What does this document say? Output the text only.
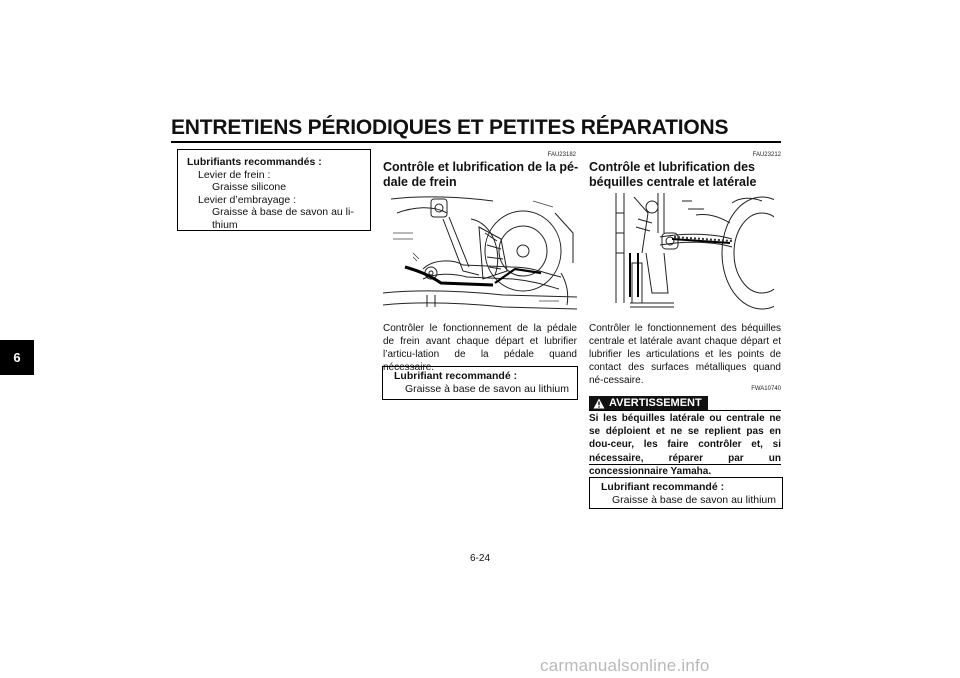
ENTRETIENS PÉRIODIQUES ET PETITES RÉPARATIONS
6
Lubrifiants recommandés :
Levier de frein :
Graisse silicone
Levier d’embrayage :
Graisse à base de savon au li-
thium
FAU23182
Contrôle et lubrification de la pé-
dale de frein
Contrôler le fonctionnement de la pédale de frein avant chaque départ et lubrifier l’articu-lation de la pédale quand nécessaire.
Lubrifiant recommandé :
Graisse à base de savon au lithium
FAU23212
Contrôle et lubrification des
béquilles centrale et latérale
Contrôler le fonctionnement des béquilles centrale et latérale avant chaque départ et lubrifier les articulations et les points de contact des surfaces métalliques quand né-cessaire.
FWA10740
AVERTISSEMENT
Si les béquilles latérale ou centrale ne se déploient et ne se replient pas en dou-ceur, les faire contrôler et, si nécessaire, réparer par un concessionnaire Yamaha.
Lubrifiant recommandé :
Graisse à base de savon au lithium
6-24
carmanualsonline.info
